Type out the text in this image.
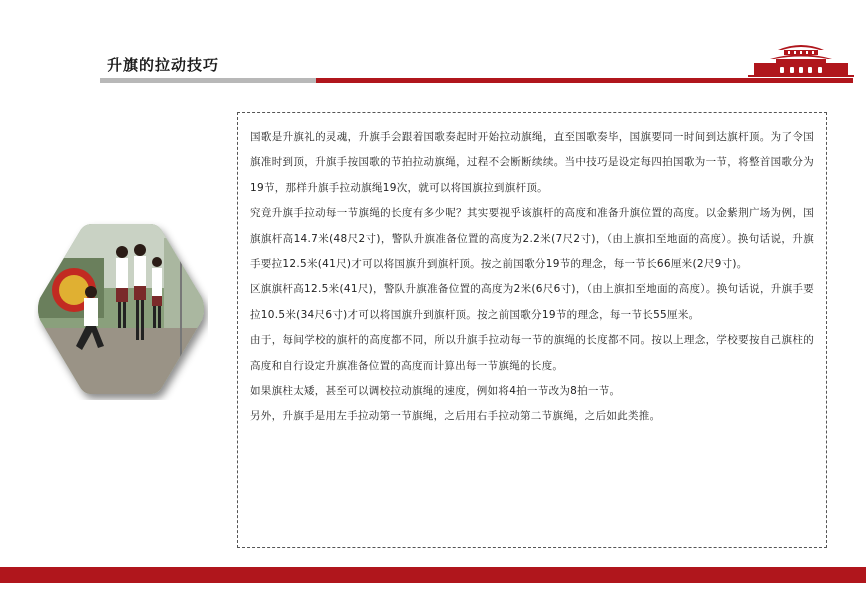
升旗的拉动技巧

国歌是升旗礼的灵魂，升旗手会跟着国歌奏起时开始拉动旗绳，直至国歌奏毕，国旗要同一时间到达旗杆顶。为了令国旗准时到顶，升旗手按国歌的节拍拉动旗绳，过程不会断断续续。当中技巧是设定每四拍国歌为一节，将整首国歌分为19节，那样升旗手拉动旗绳19次，就可以将国旗拉到旗杆顶。

究竟升旗手拉动每一节旗绳的长度有多少呢？其实要视乎该旗杆的高度和准备升旗位置的高度。以金紫荆广场为例，国旗旗杆高14.7米(48尺2寸)，警队升旗准备位置的高度为2.2米(7尺2寸)，（由上旗扣至地面的高度）。换句话说，升旗手要拉12.5米(41尺)才可以将国旗升到旗杆顶。按之前国歌分19节的理念，每一节长66厘米(2尺9寸)。

区旗旗杆高12.5米(41尺)，警队升旗准备位置的高度为2米(6尺6寸)，（由上旗扣至地面的高度）。换句话说，升旗手要拉10.5米(34尺6寸)才可以将国旗升到旗杆顶。按之前国歌分19节的理念，每一节长55厘米。

由于，每间学校的旗杆的高度都不同，所以升旗手拉动每一节的旗绳的长度都不同。按以上理念，学校要按自己旗柱的高度和自行设定升旗准备位置的高度而计算出每一节旗绳的长度。

如果旗柱太矮，甚至可以调校拉动旗绳的速度，例如将4拍一节改为8拍一节。

另外，升旗手是用左手拉动第一节旗绳，之后用右手拉动第二节旗绳，之后如此类推。
